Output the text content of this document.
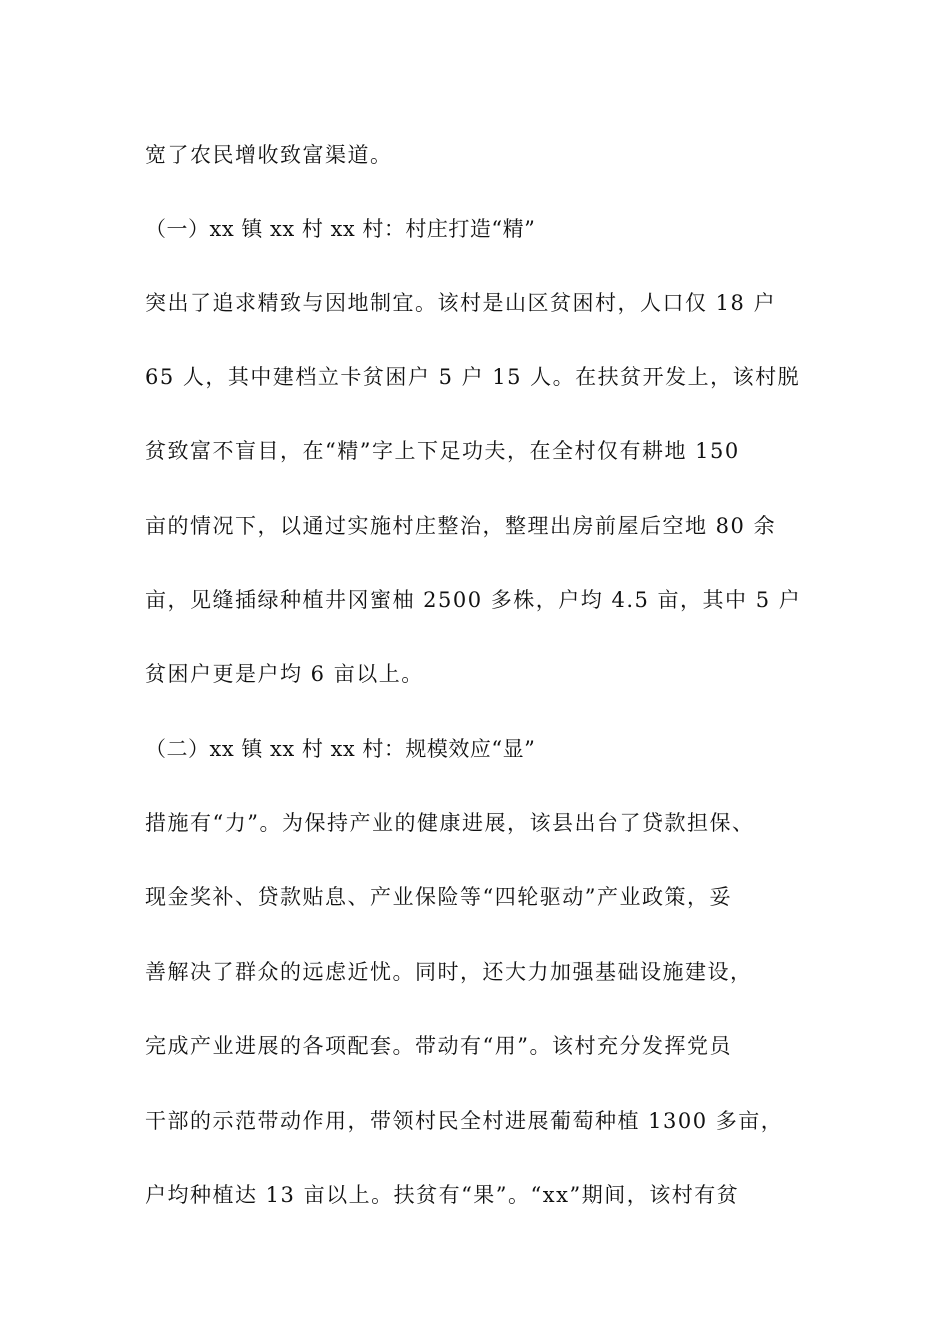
宽了农民增收致富渠道。

（一）xx 镇 xx 村 xx 村：村庄打造“精”

突出了追求精致与因地制宜。该村是山区贫困村，人口仅 18 户

65 人，其中建档立卡贫困户 5 户 15 人。在扶贫开发上，该村脱

贫致富不盲目，在“精”字上下足功夫，在全村仅有耕地 150

亩的情况下，以通过实施村庄整治，整理出房前屋后空地 80 余

亩，见缝插绿种植井冈蜜柚 2500 多株，户均 4.5 亩，其中 5 户

贫困户更是户均 6 亩以上。

（二）xx 镇 xx 村 xx 村：规模效应“显”

措施有“力”。为保持产业的健康进展，该县出台了贷款担保、

现金奖补、贷款贴息、产业保险等“四轮驱动”产业政策，妥

善解决了群众的远虑近忧。同时，还大力加强基础设施建设，

完成产业进展的各项配套。带动有“用”。该村充分发挥党员

干部的示范带动作用，带领村民全村进展葡萄种植 1300 多亩，

户均种植达 13 亩以上。扶贫有“果”。“xx”期间，该村有贫
